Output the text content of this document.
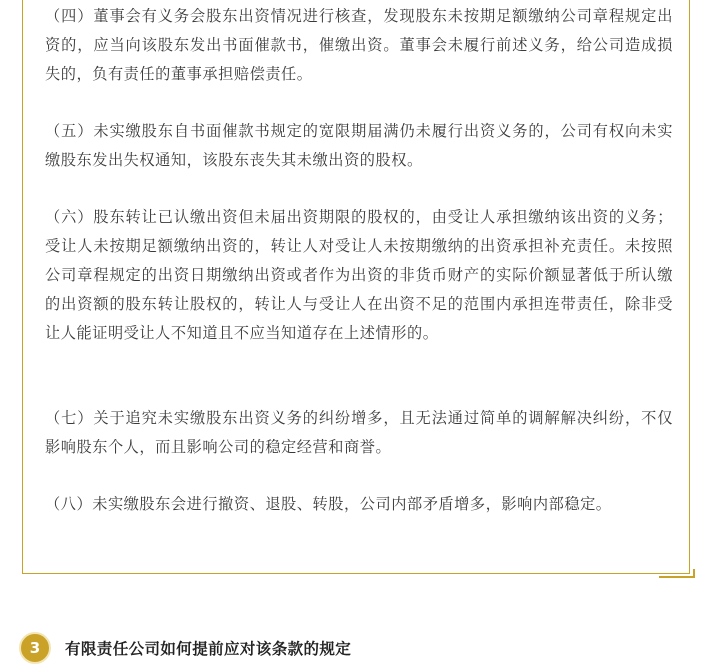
（四）董事会有义务会股东出资情况进行核查，发现股东未按期足额缴纳公司章程规定出资的，应当向该股东发出书面催款书，催缴出资。董事会未履行前述义务，给公司造成损失的，负有责任的董事承担赔偿责任。

（五）未实缴股东自书面催款书规定的宽限期届满仍未履行出资义务的，公司有权向未实缴股东发出失权通知，该股东丧失其未缴出资的股权。

（六）股东转让已认缴出资但未届出资期限的股权的，由受让人承担缴纳该出资的义务；受让人未按期足额缴纳出资的，转让人对受让人未按期缴纳的出资承担补充责任。未按照公司章程规定的出资日期缴纳出资或者作为出资的非货币财产的实际价额显著低于所认缴的出资额的股东转让股权的，转让人与受让人在出资不足的范围内承担连带责任，除非受让人能证明受让人不知道且不应当知道存在上述情形的。

（七）关于追究未实缴股东出资义务的纠纷增多，且无法通过简单的调解解决纠纷，不仅影响股东个人，而且影响公司的稳定经营和商誉。

（八）未实缴股东会进行撤资、退股、转股，公司内部矛盾增多，影响内部稳定。

3	有限责任公司如何提前应对该条款的规定
